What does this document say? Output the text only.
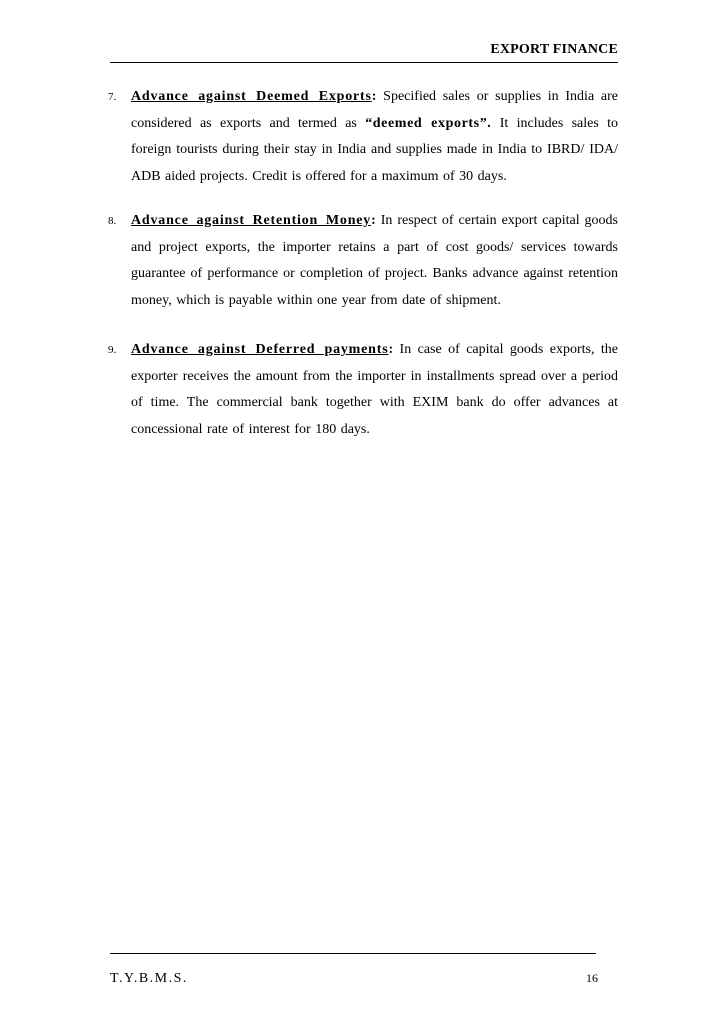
EXPORT FINANCE
7. Advance against Deemed Exports: Specified sales or supplies in India are considered as exports and termed as “deemed exports”. It includes sales to foreign tourists during their stay in India and supplies made in India to IBRD/ IDA/ ADB aided projects. Credit is offered for a maximum of 30 days.
8. Advance against Retention Money: In respect of certain export capital goods and project exports, the importer retains a part of cost goods/ services towards guarantee of performance or completion of project. Banks advance against retention money, which is payable within one year from date of shipment.
9. Advance against Deferred payments: In case of capital goods exports, the exporter receives the amount from the importer in installments spread over a period of time. The commercial bank together with EXIM bank do offer advances at concessional rate of interest for 180 days.
T.Y.B.M.S.	16
